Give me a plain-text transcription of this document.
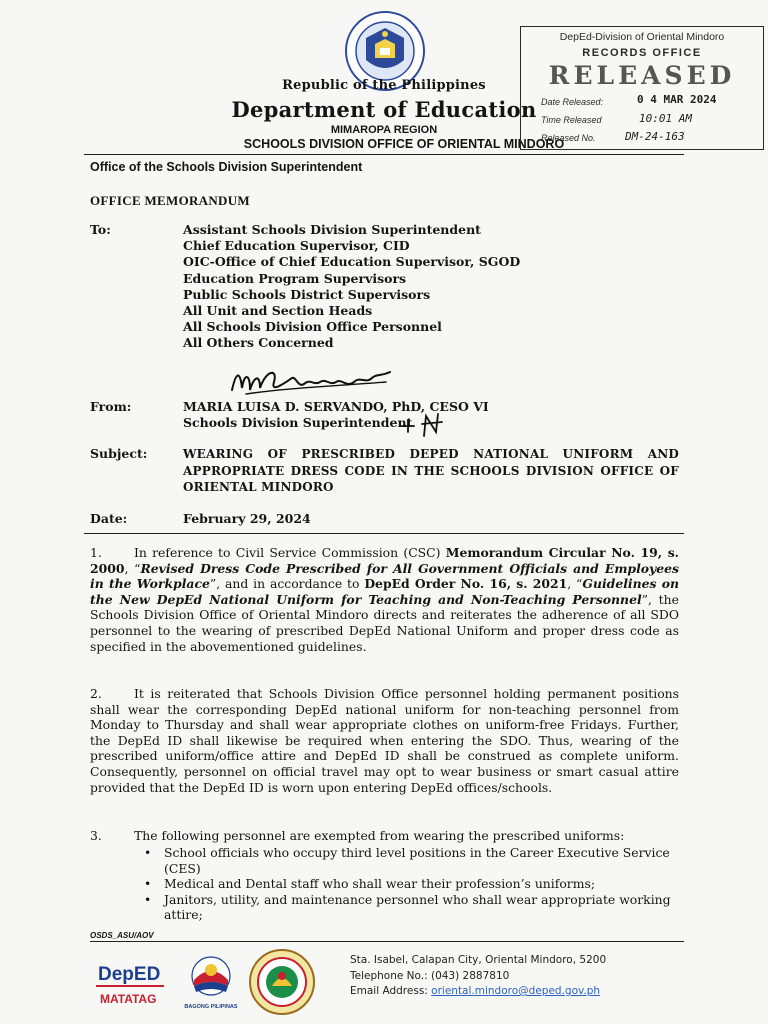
Republic of the Philippines
Department of Education
MIMAROPA REGION
SCHOOLS DIVISION OFFICE OF ORIENTAL MINDORO
DepEd-Division of Oriental Mindoro
RECORDS OFFICE
RELEASED
Date Released:	0 4 MAR 2024
Time Released	10:01 AM
Released No.	DM-24-163
Office of the Schools Division Superintendent
OFFICE MEMORANDUM
To:	Assistant Schools Division Superintendent
Chief Education Supervisor, CID
OIC-Office of Chief Education Supervisor, SGOD
Education Program Supervisors
Public Schools District Supervisors
All Unit and Section Heads
All Schools Division Office Personnel
All Others Concerned
From:	MARIA LUISA D. SERVANDO, PhD, CESO VI
Schools Division Superintendent
Subject:	WEARING OF PRESCRIBED DEPED NATIONAL UNIFORM AND APPROPRIATE DRESS CODE IN THE SCHOOLS DIVISION OFFICE OF ORIENTAL MINDORO
Date:	February 29, 2024
1.	In reference to Civil Service Commission (CSC) Memorandum Circular No. 19, s. 2000, “Revised Dress Code Prescribed for All Government Officials and Employees in the Workplace”, and in accordance to DepEd Order No. 16, s. 2021, “Guidelines on the New DepEd National Uniform for Teaching and Non-Teaching Personnel”, the Schools Division Office of Oriental Mindoro directs and reiterates the adherence of all SDO personnel to the wearing of prescribed DepEd National Uniform and proper dress code as specified in the abovementioned guidelines.
2.	It is reiterated that Schools Division Office personnel holding permanent positions shall wear the corresponding DepEd national uniform for non-teaching personnel from Monday to Thursday and shall wear appropriate clothes on uniform-free Fridays. Further, the DepEd ID shall likewise be required when entering the SDO. Thus, wearing of the prescribed uniform/office attire and DepEd ID shall be construed as complete uniform. Consequently, personnel on official travel may opt to wear business or smart casual attire provided that the DepEd ID is worn upon entering DepEd offices/schools.
3.	The following personnel are exempted from wearing the prescribed uniforms:
• School officials who occupy third level positions in the Career Executive Service (CES)
• Medical and Dental staff who shall wear their profession’s uniforms;
• Janitors, utility, and maintenance personnel who shall wear appropriate working attire;
OSDS_ASU/AOV
DepED
MATATAG
BAGONG PILIPINAS
Sta. Isabel, Calapan City, Oriental Mindoro, 5200
Telephone No.: (043) 2887810
Email Address: oriental.mindoro@deped.gov.ph
